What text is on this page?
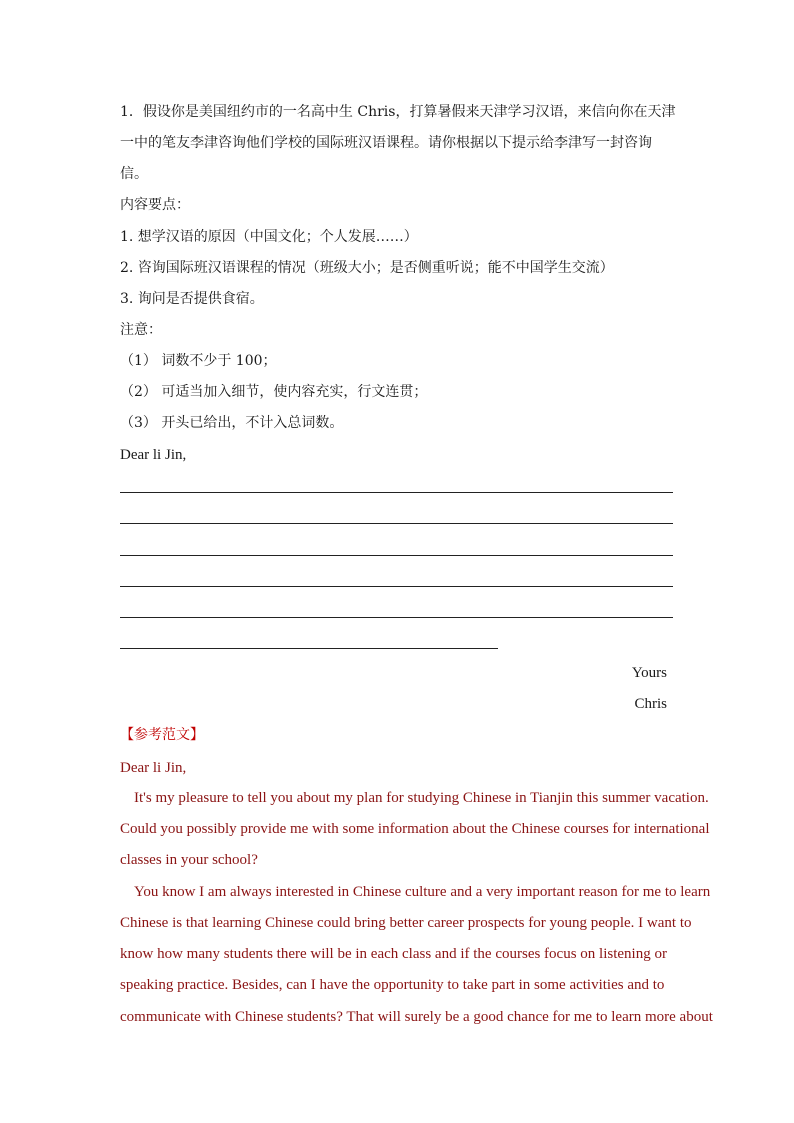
1．假设你是美国纽约市的一名高中生 Chris，打算暑假来天津学习汉语，来信向你在天津
一中的笔友李津咨询他们学校的国际班汉语课程。请你根据以下提示给李津写一封咨询
信。
内容要点：
1. 想学汉语的原因（中国文化；个人发展……）
2. 咨询国际班汉语课程的情况（班级大小；是否侧重听说；能不中国学生交流）
3. 询问是否提供食宿。
注意：
（1） 词数不少于 100；
（2） 可适当加入细节，使内容充实，行文连贯；
（3） 开头已给出，不计入总词数。
Dear li Jin,
Yours
Chris
【参考范文】
Dear li Jin,
It's my pleasure to tell you about my plan for studying Chinese in Tianjin this summer vacation.
Could you possibly provide me with some information about the Chinese courses for international
classes in your school?
You know I am always interested in Chinese culture and a very important reason for me to learn
Chinese is that learning Chinese could bring better career prospects for young people. I want to
know how many students there will be in each class and if the courses focus on listening or
speaking practice. Besides, can I have the opportunity to take part in some activities and to
communicate with Chinese students? That will surely be a good chance for me to learn more about
